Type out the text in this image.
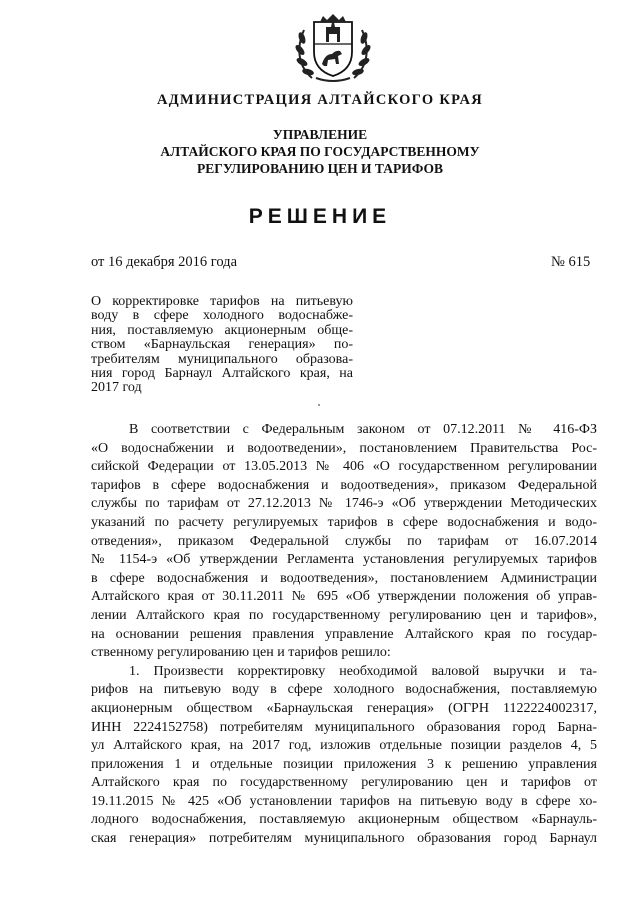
АДМИНИСТРАЦИЯ АЛТАЙСКОГО КРАЯ
УПРАВЛЕНИЕ
АЛТАЙСКОГО КРАЯ ПО ГОСУДАРСТВЕННОМУ
РЕГУЛИРОВАНИЮ ЦЕН И ТАРИФОВ
РЕШЕНИЕ
от 16 декабря 2016 года	№ 615
О корректировке тарифов на питьевую
воду в сфере холодного водоснабже-
ния, поставляемую акционерным обще-
ством «Барнаульская генерация» по-
требителям муниципального образова-
ния город Барнаул Алтайского края, на
2017 год
В соответствии с Федеральным законом от 07.12.2011 № 416-ФЗ
«О водоснабжении и водоотведении», постановлением Правительства Рос-
сийской Федерации от 13.05.2013 № 406 «О государственном регулировании
тарифов в сфере водоснабжения и водоотведения», приказом Федеральной
службы по тарифам от 27.12.2013 № 1746-э «Об утверждении Методических
указаний по расчету регулируемых тарифов в сфере водоснабжения и водо-
отведения», приказом Федеральной службы по тарифам от 16.07.2014
№ 1154-э «Об утверждении Регламента установления регулируемых тарифов
в сфере водоснабжения и водоотведения», постановлением Администрации
Алтайского края от 30.11.2011 № 695 «Об утверждении положения об управ-
лении Алтайского края по государственному регулированию цен и тарифов»,
на основании решения правления управление Алтайского края по государ-
ственному регулированию цен и тарифов решило:
1. Произвести корректировку необходимой валовой выручки и та-
рифов на питьевую воду в сфере холодного водоснабжения, поставляемую
акционерным обществом «Барнаульская генерация» (ОГРН 1122224002317,
ИНН 2224152758) потребителям муниципального образования город Барна-
ул Алтайского края, на 2017 год, изложив отдельные позиции разделов 4, 5
приложения 1 и отдельные позиции приложения 3 к решению управления
Алтайского края по государственному регулированию цен и тарифов от
19.11.2015 № 425 «Об установлении тарифов на питьевую воду в сфере хо-
лодного водоснабжения, поставляемую акционерным обществом «Барнауль-
ская генерация» потребителям муниципального образования город Барнаул
